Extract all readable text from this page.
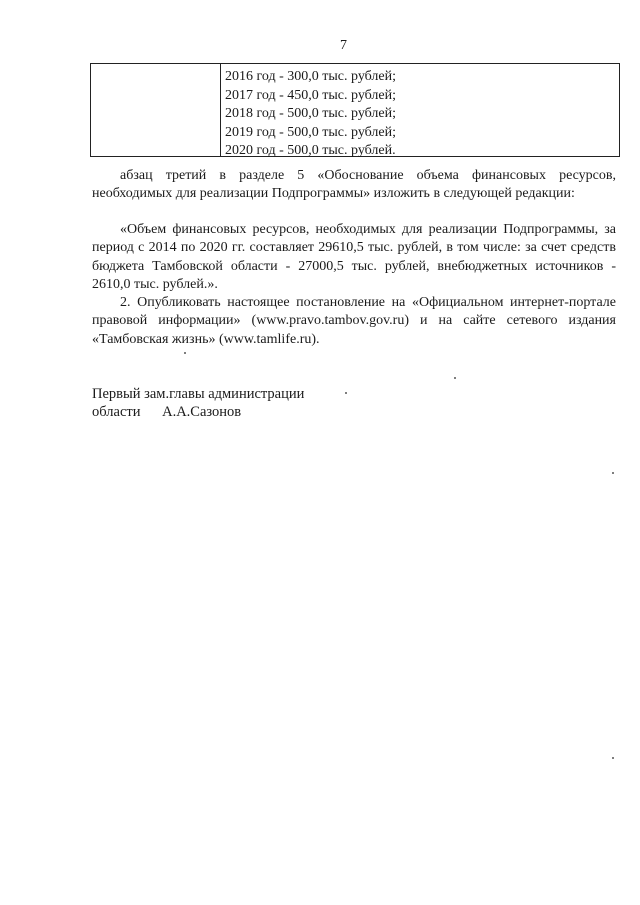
7
2016 год - 300,0 тыс. рублей;
2017 год - 450,0 тыс. рублей;
2018 год - 500,0 тыс. рублей;
2019 год - 500,0 тыс. рублей;
2020 год - 500,0 тыс. рублей.

абзац третий в разделе 5 «Обоснование объема финансовых ресурсов, необходимых для реализации Подпрограммы» изложить в следующей редакции:

«Объем финансовых ресурсов, необходимых для реализации Подпрограммы, за период с 2014 по 2020 гг. составляет 29610,5 тыс. рублей, в том числе: за счет средств бюджета Тамбовской области - 27000,5 тыс. рублей, внебюджетных источников - 2610,0 тыс. рублей.».

2. Опубликовать настоящее постановление на «Официальном интернет-портале правовой информации» (www.pravo.tambov.gov.ru) и на сайте сетевого издания «Тамбовская жизнь» (www.tamlife.ru).

Первый зам.главы администрации
области А.А.Сазонов
